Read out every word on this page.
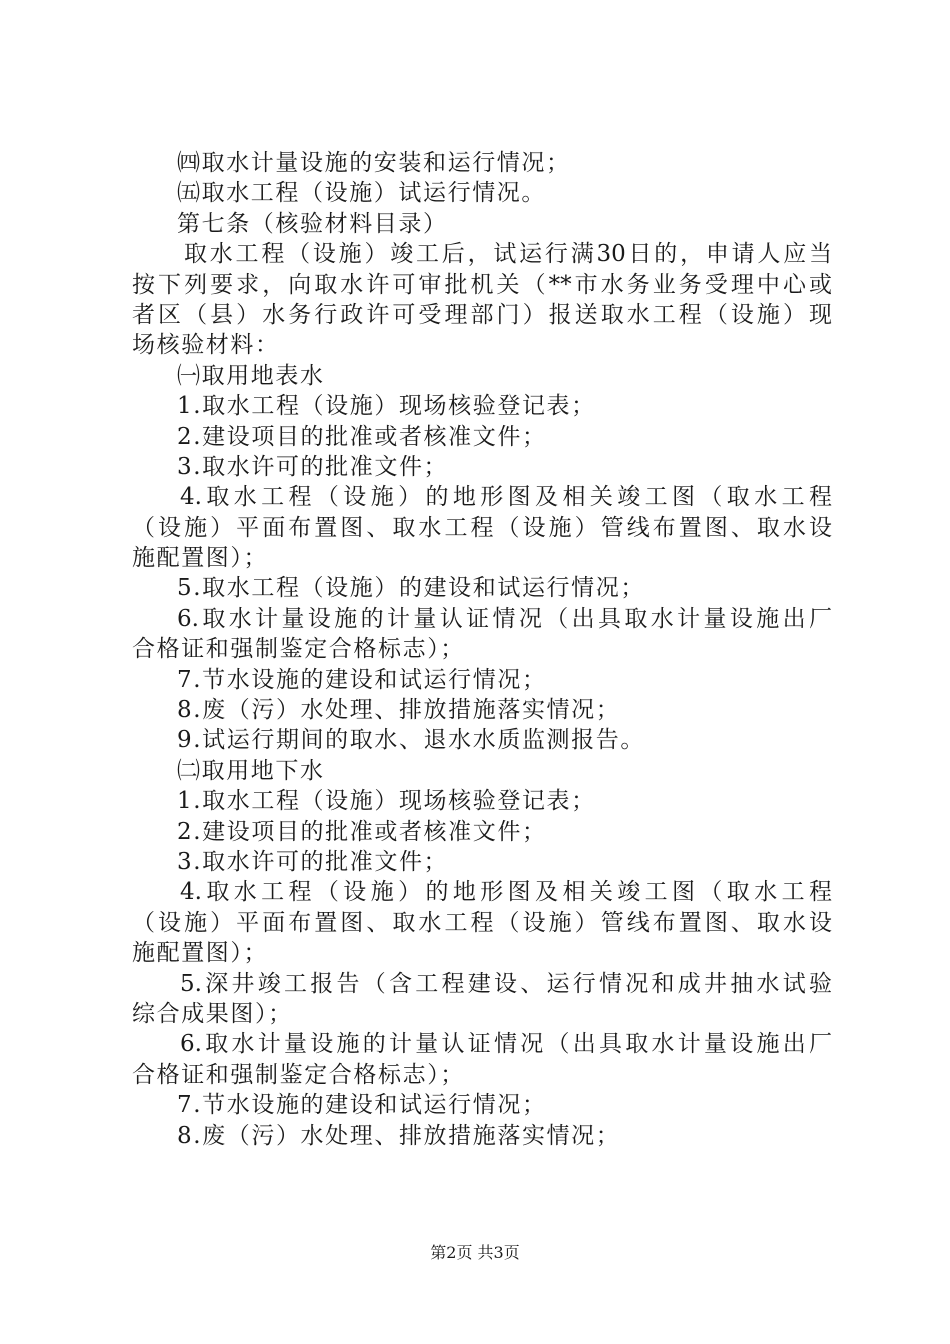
㈣取水计量设施的安装和运行情况；
㈤取水工程（设施）试运行情况。
第七条（核验材料目录）
取水工程（设施）竣工后，试运行满30日的，申请人应当
按下列要求，向取水许可审批机关（**市水务业务受理中心或
者区（县）水务行政许可受理部门）报送取水工程（设施）现
场核验材料：
㈠取用地表水
1.取水工程（设施）现场核验登记表；
2.建设项目的批准或者核准文件；
3.取水许可的批准文件；
4.取水工程（设施）的地形图及相关竣工图（取水工程
（设施）平面布置图、取水工程（设施）管线布置图、取水设
施配置图）；
5.取水工程（设施）的建设和试运行情况；
6.取水计量设施的计量认证情况（出具取水计量设施出厂
合格证和强制鉴定合格标志）；
7.节水设施的建设和试运行情况；
8.废（污）水处理、排放措施落实情况；
9.试运行期间的取水、退水水质监测报告。
㈡取用地下水
1.取水工程（设施）现场核验登记表；
2.建设项目的批准或者核准文件；
3.取水许可的批准文件；
4.取水工程（设施）的地形图及相关竣工图（取水工程
（设施）平面布置图、取水工程（设施）管线布置图、取水设
施配置图）；
5.深井竣工报告（含工程建设、运行情况和成井抽水试验
综合成果图）；
6.取水计量设施的计量认证情况（出具取水计量设施出厂
合格证和强制鉴定合格标志）；
7.节水设施的建设和试运行情况；
8.废（污）水处理、排放措施落实情况；
第2页 共3页
